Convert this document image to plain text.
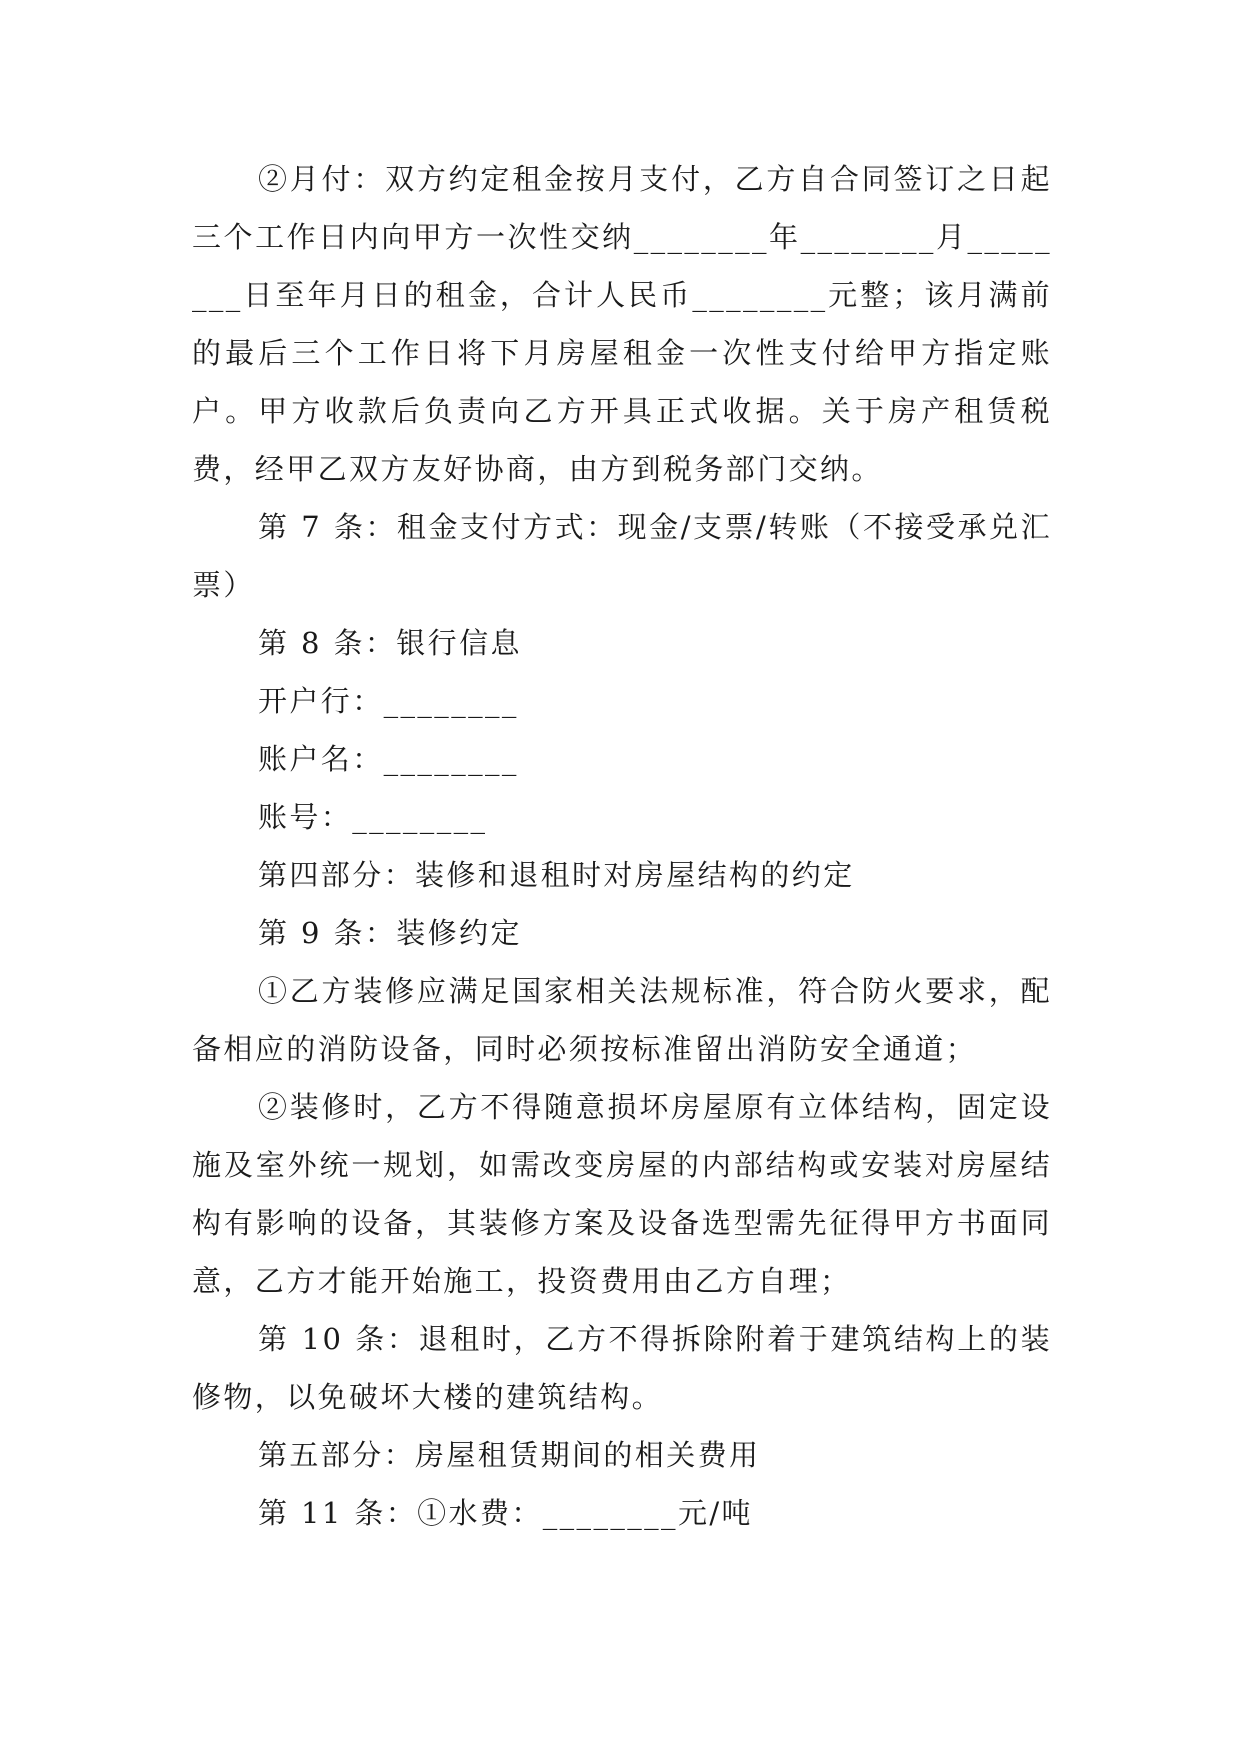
②月付：双方约定租金按月支付，乙方自合同签订之日起三个工作日内向甲方一次性交纳________年________月________日至年月日的租金，合计人民币________元整；该月满前的最后三个工作日将下月房屋租金一次性支付给甲方指定账户。甲方收款后负责向乙方开具正式收据。关于房产租赁税费，经甲乙双方友好协商，由方到税务部门交纳。

第 7 条：租金支付方式：现金/支票/转账（不接受承兑汇票）

第 8 条：银行信息

开户行：________

账户名：________

账号：________

第四部分：装修和退租时对房屋结构的约定

第 9 条：装修约定

①乙方装修应满足国家相关法规标准，符合防火要求，配备相应的消防设备，同时必须按标准留出消防安全通道；

②装修时，乙方不得随意损坏房屋原有立体结构，固定设施及室外统一规划，如需改变房屋的内部结构或安装对房屋结构有影响的设备，其装修方案及设备选型需先征得甲方书面同意，乙方才能开始施工，投资费用由乙方自理；

第 10 条：退租时，乙方不得拆除附着于建筑结构上的装修物，以免破坏大楼的建筑结构。

第五部分：房屋租赁期间的相关费用

第 11 条：①水费：________元/吨
